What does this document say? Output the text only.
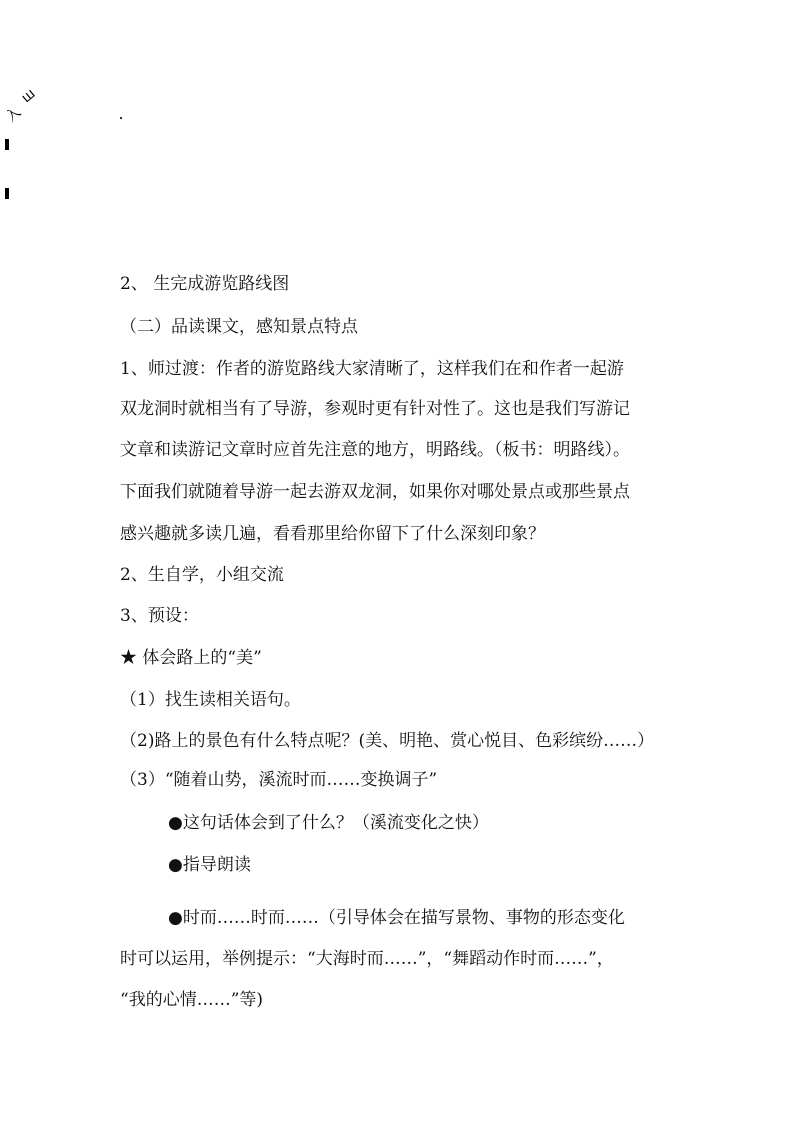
入
ш
2、 生完成游览路线图
（二）品读课文，感知景点特点
1、师过渡：作者的游览路线大家清晰了，这样我们在和作者一起游
双龙洞时就相当有了导游，参观时更有针对性了。这也是我们写游记
文章和读游记文章时应首先注意的地方，明路线。（板书：明路线）。
下面我们就随着导游一起去游双龙洞，如果你对哪处景点或那些景点
感兴趣就多读几遍，看看那里给你留下了什么深刻印象？
2、生自学，小组交流
3、预设：
★ 体会路上的“美”
（1）找生读相关语句。
（2)路上的景色有什么特点呢？(美、明艳、赏心悦目、色彩缤纷……）
（3）“随着山势，溪流时而……变换调子”
●这句话体会到了什么？（溪流变化之快）
●指导朗读
●时而……时而……（引导体会在描写景物、事物的形态变化
时可以运用，举例提示：“大海时而……”，“舞蹈动作时而……”，
“我的心情……”等)
